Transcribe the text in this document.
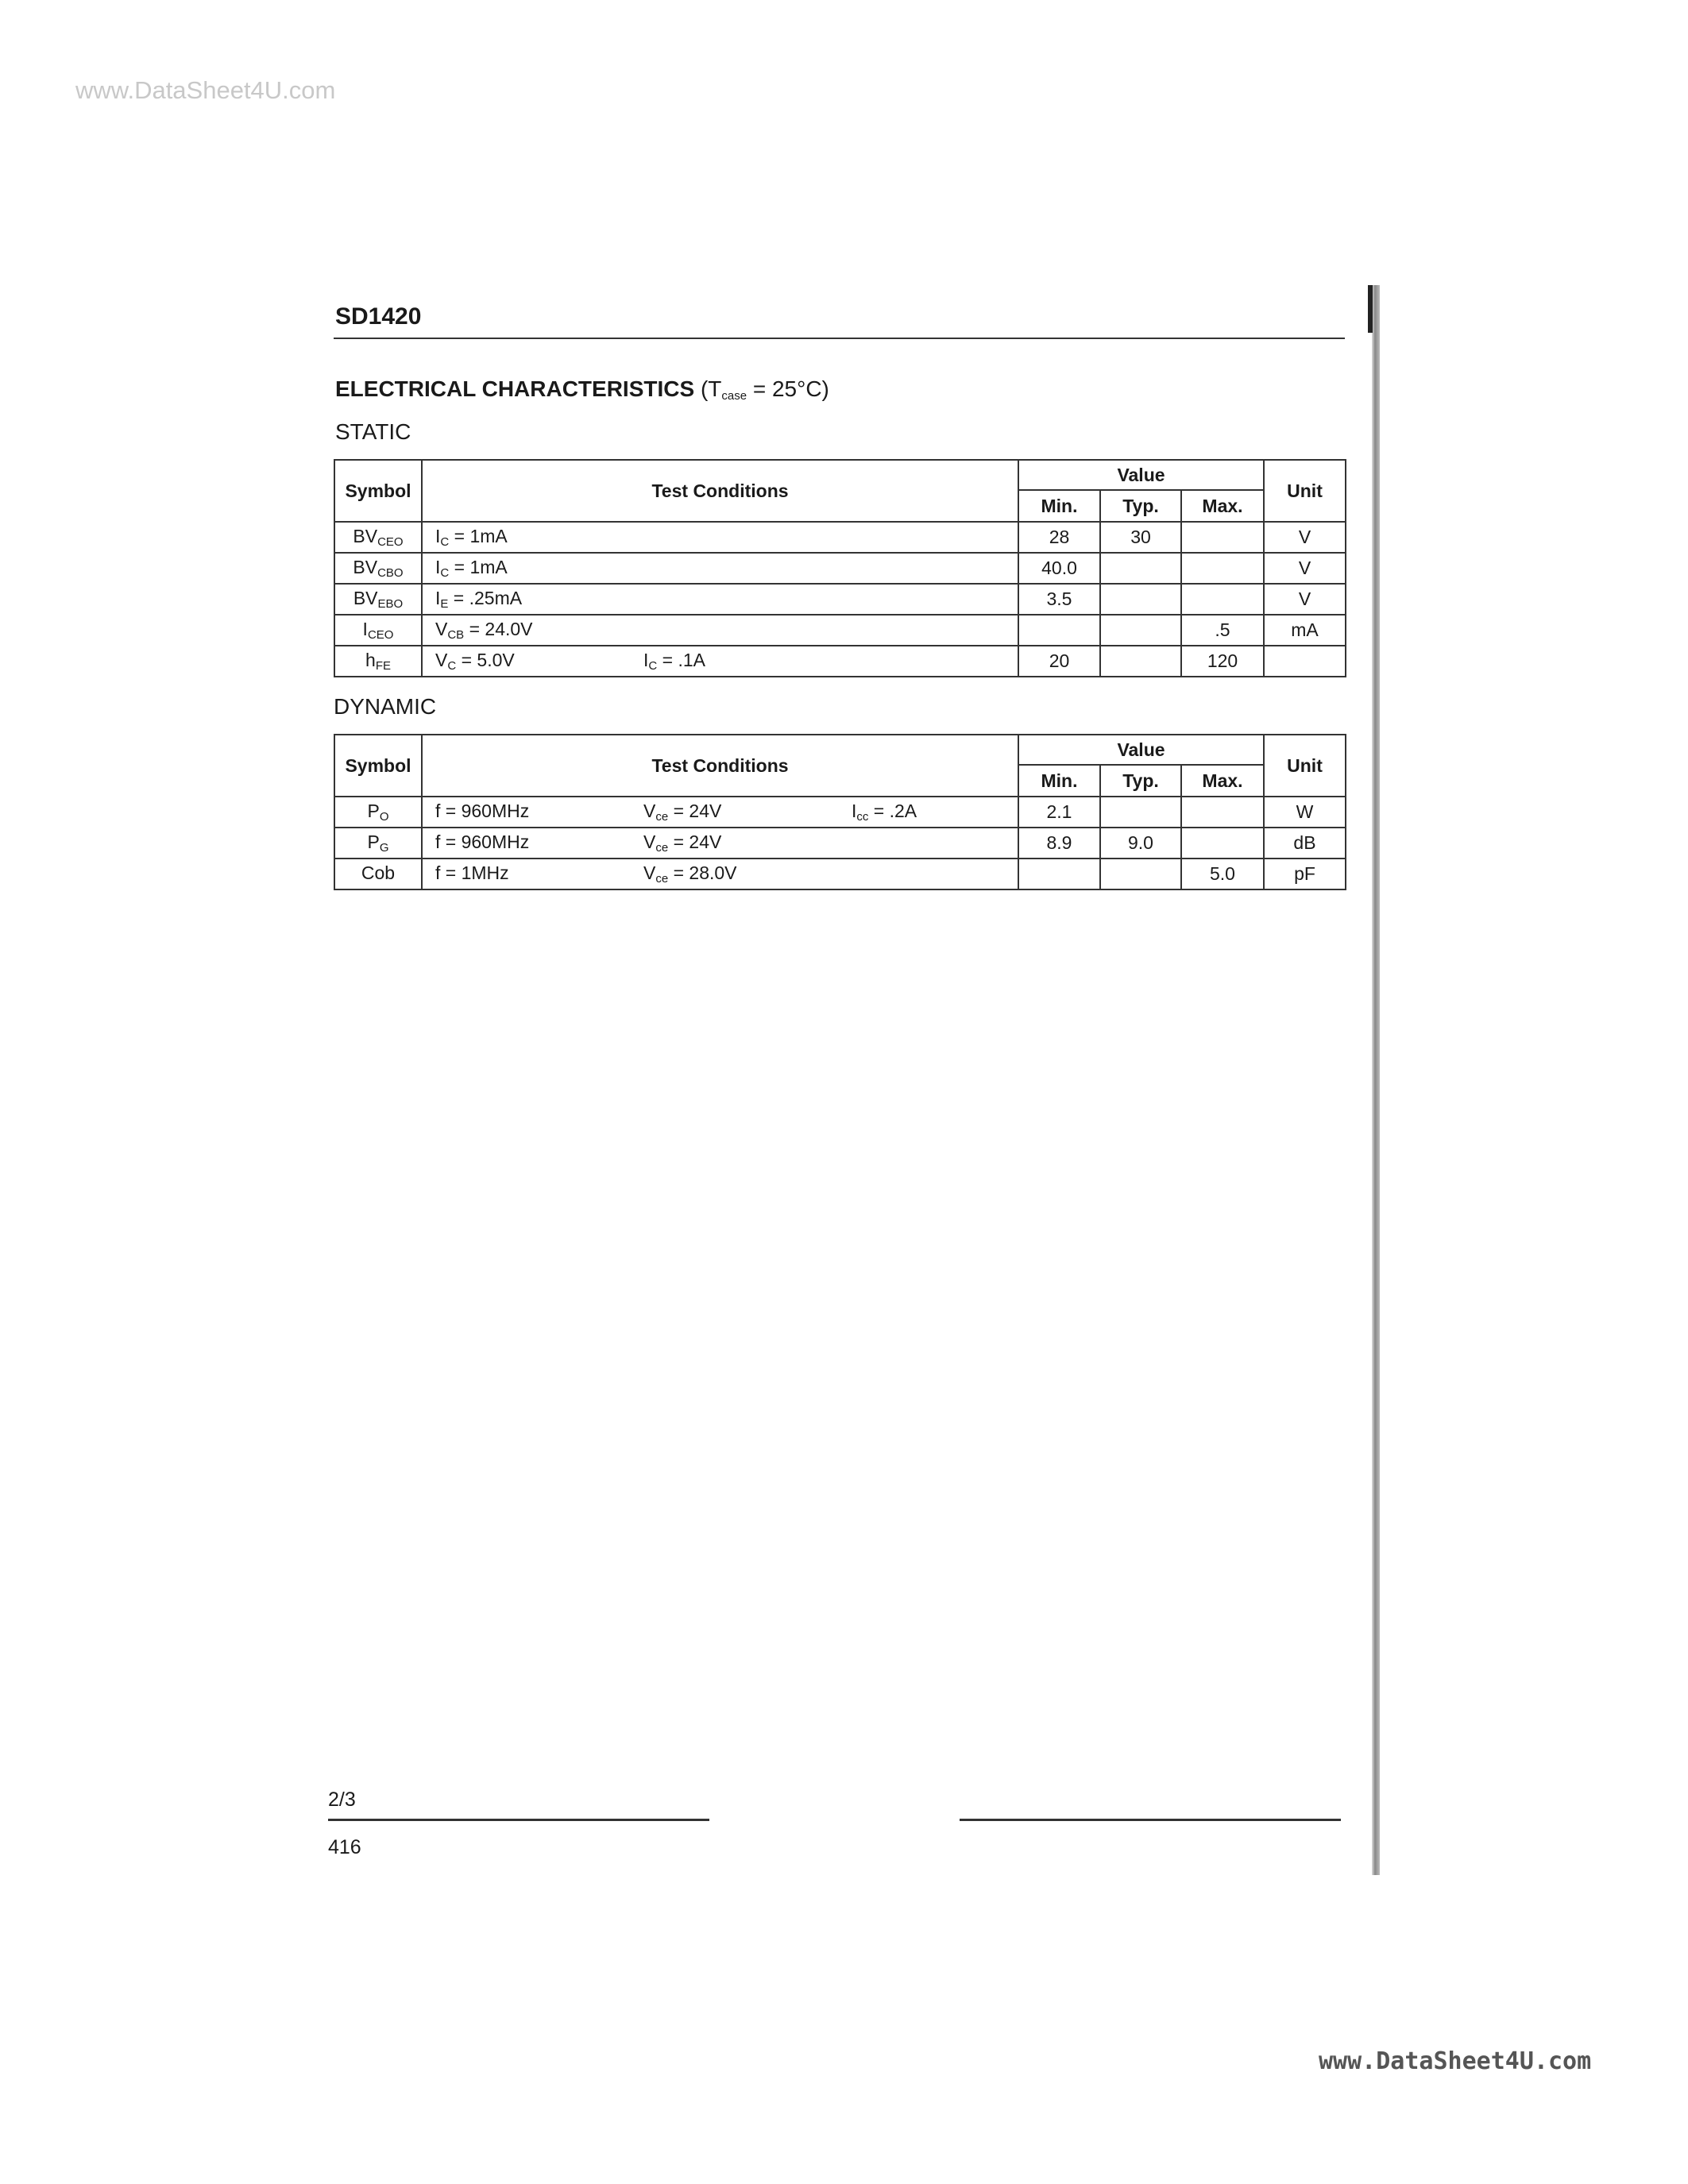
www.DataSheet4U.com
SD1420
ELECTRICAL CHARACTERISTICS $(T_{case} = 25^\circ C)$
STATIC
Symbol	Test Conditions	Value			Unit
		Min.	Typ.	Max.	
$BV_{CEO}$	$I_C = 1mA$	28	30		V
$BV_{CBO}$	$I_C = 1mA$	40.0			V
$BV_{EBO}$	$I_E = .25mA$	3.5			V
$I_{CEO}$	$V_{CB} = 24.0V$			.5	mA
$h_{FE}$	$V_C = 5.0V$ $I_C = .1A$	20		120	
DYNAMIC
Symbol	Test Conditions	Value			Unit
		Min.	Typ.	Max.	
$P_O$	f = 960MHz $V_{ce} = 24V$ $I_{cc} = .2A$	2.1			W
$P_G$	f = 960MHz $V_{ce} = 24V$	8.9	9.0		dB
Cob	f = 1MHz $V_{ce} = 28.0V$			5.0	pF
2/3
416
www.DataSheet4U.com
